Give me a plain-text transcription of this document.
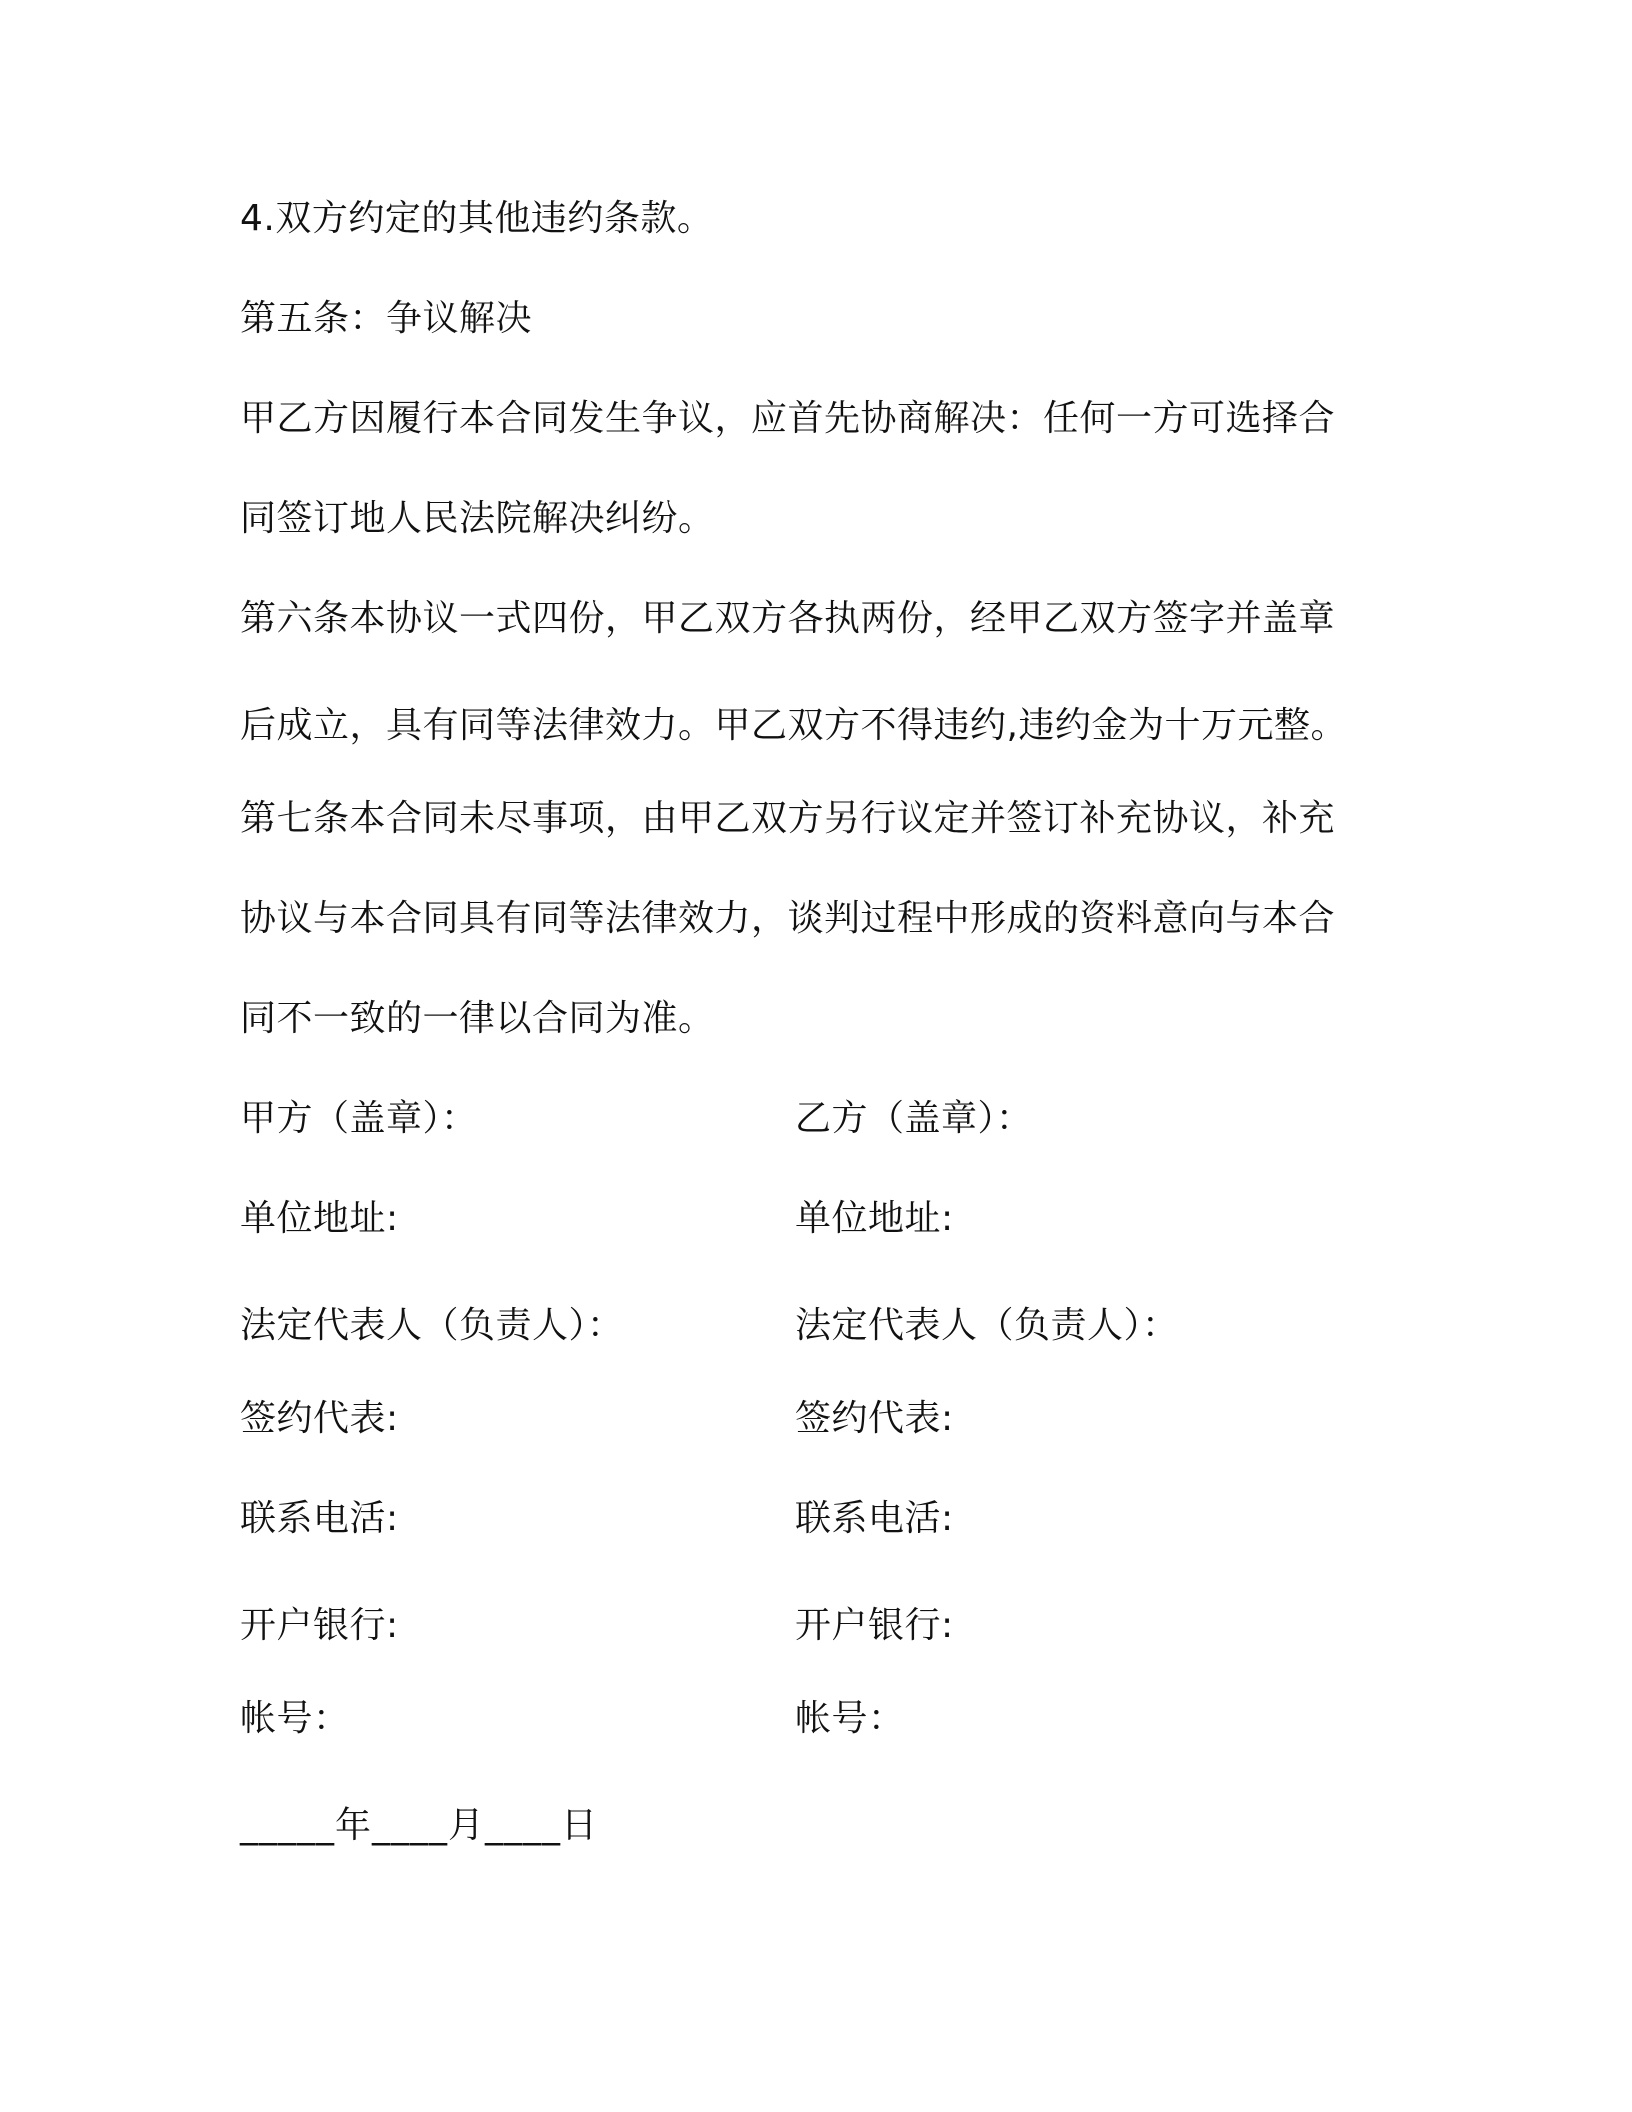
4.双方约定的其他违约条款。
第五条：争议解决
甲乙方因履行本合同发生争议，应首先协商解决：任何一方可选择合
同签订地人民法院解决纠纷。
第六条本协议一式四份，甲乙双方各执两份，经甲乙双方签字并盖章
后成立，具有同等法律效力。甲乙双方不得违约,违约金为十万元整。
第七条本合同未尽事项，由甲乙双方另行议定并签订补充协议，补充
协议与本合同具有同等法律效力，谈判过程中形成的资料意向与本合
同不一致的一律以合同为准。
甲方（盖章）：
单位地址:
法定代表人（负责人）：
签约代表:
联系电活:
开户银行:
帐号：
乙方（盖章）：
单位地址:
法定代表人（负责人）：
签约代表:
联系电活:
开户银行:
帐号：
_____年____月____日
